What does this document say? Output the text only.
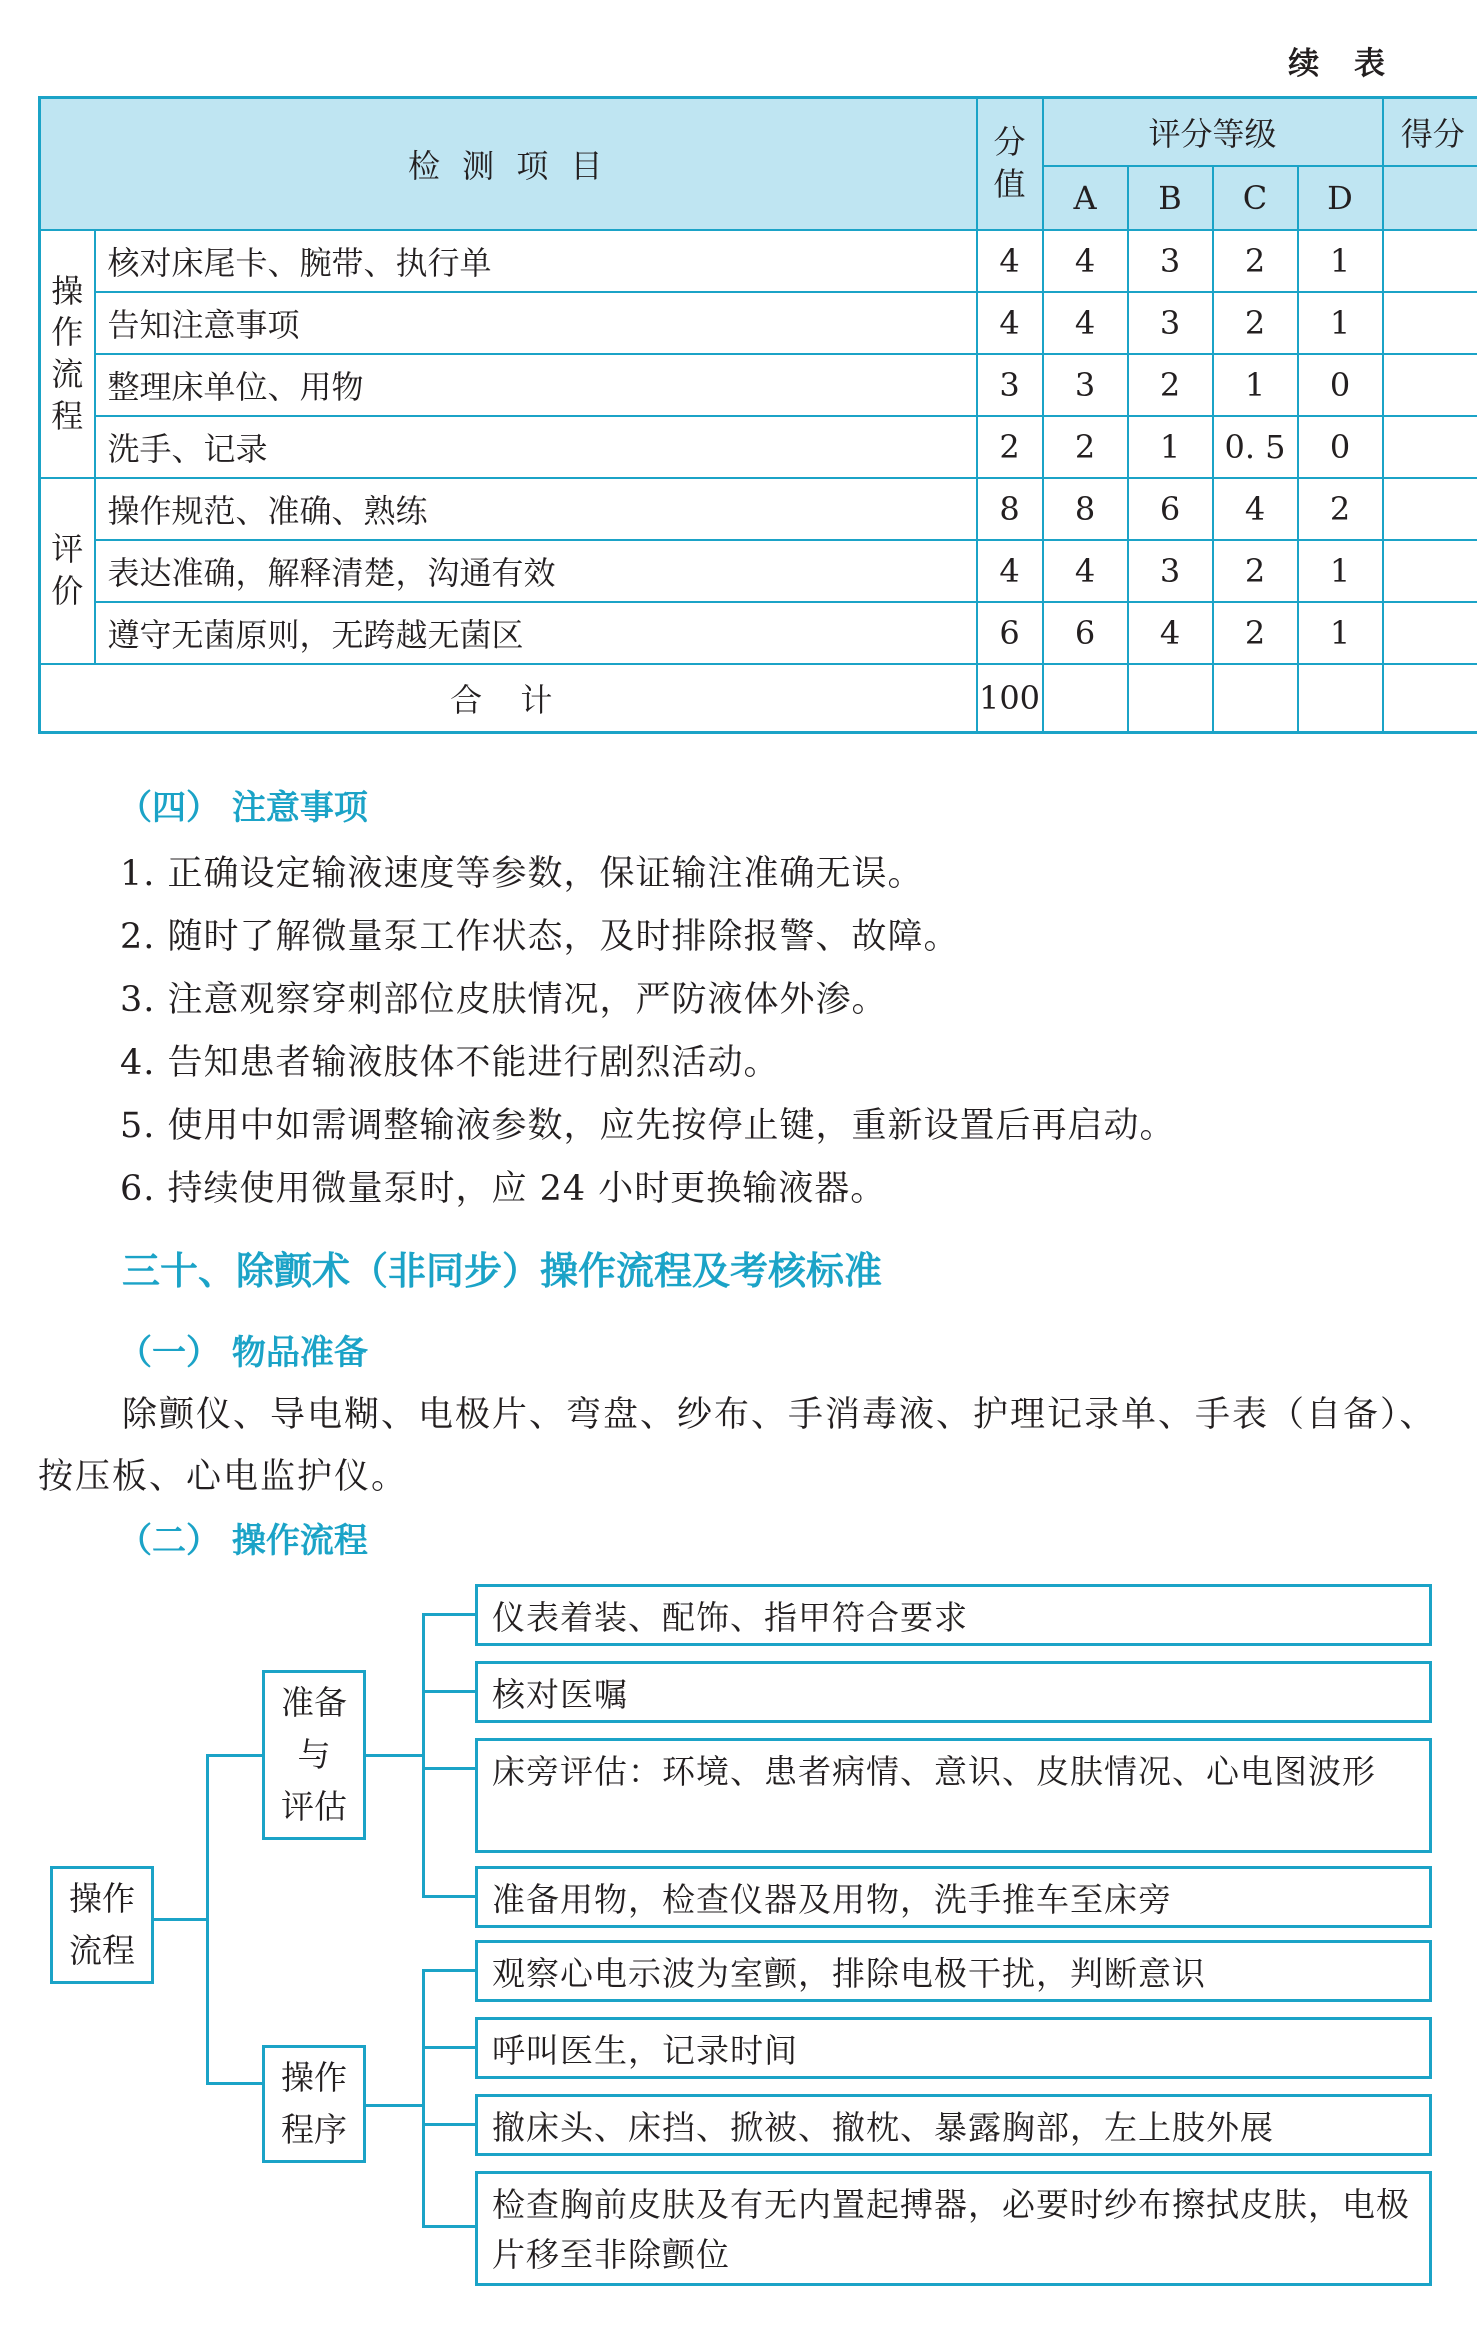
续 表
检 测 项 目		分值	评分等级				得分
			A	B	C	D	

操作流程	核对床尾卡、腕带、执行单	4	4	3	2	1	
	告知注意事项	4	4	3	2	1	
	整理床单位、用物	3	3	2	1	0	
	洗手、记录	2	2	1	0. 5	0	

评价	操作规范、准确、熟练	8	8	6	4	2	
	表达准确，解释清楚，沟通有效	4	4	3	2	1	
	遵守无菌原则，无跨越无菌区	6	6	4	2	1	
合 计		100					
（四） 注意事项
1. 正确设定输液速度等参数，保证输注准确无误。
2. 随时了解微量泵工作状态，及时排除报警、故障。
3. 注意观察穿刺部位皮肤情况，严防液体外渗。
4. 告知患者输液肢体不能进行剧烈活动。
5. 使用中如需调整输液参数，应先按停止键，重新设置后再启动。
6. 持续使用微量泵时，应 24 小时更换输液器。
三十、除颤术（非同步）操作流程及考核标准
（一） 物品准备
除颤仪、导电糊、电极片、弯盘、纱布、手消毒液、护理记录单、手表（自备）、按压板、心电监护仪。
（二） 操作流程
操作
流程
准备
与
评估
操作
程序
仪表着装、配饰、指甲符合要求
核对医嘱
床旁评估：环境、患者病情、意识、皮肤情况、心电图波形
准备用物，检查仪器及用物，洗手推车至床旁
观察心电示波为室颤，排除电极干扰，判断意识
呼叫医生，记录时间
撤床头、床挡、掀被、撤枕、暴露胸部，左上肢外展
检查胸前皮肤及有无内置起搏器，必要时纱布擦拭皮肤，电极片移至非除颤位
